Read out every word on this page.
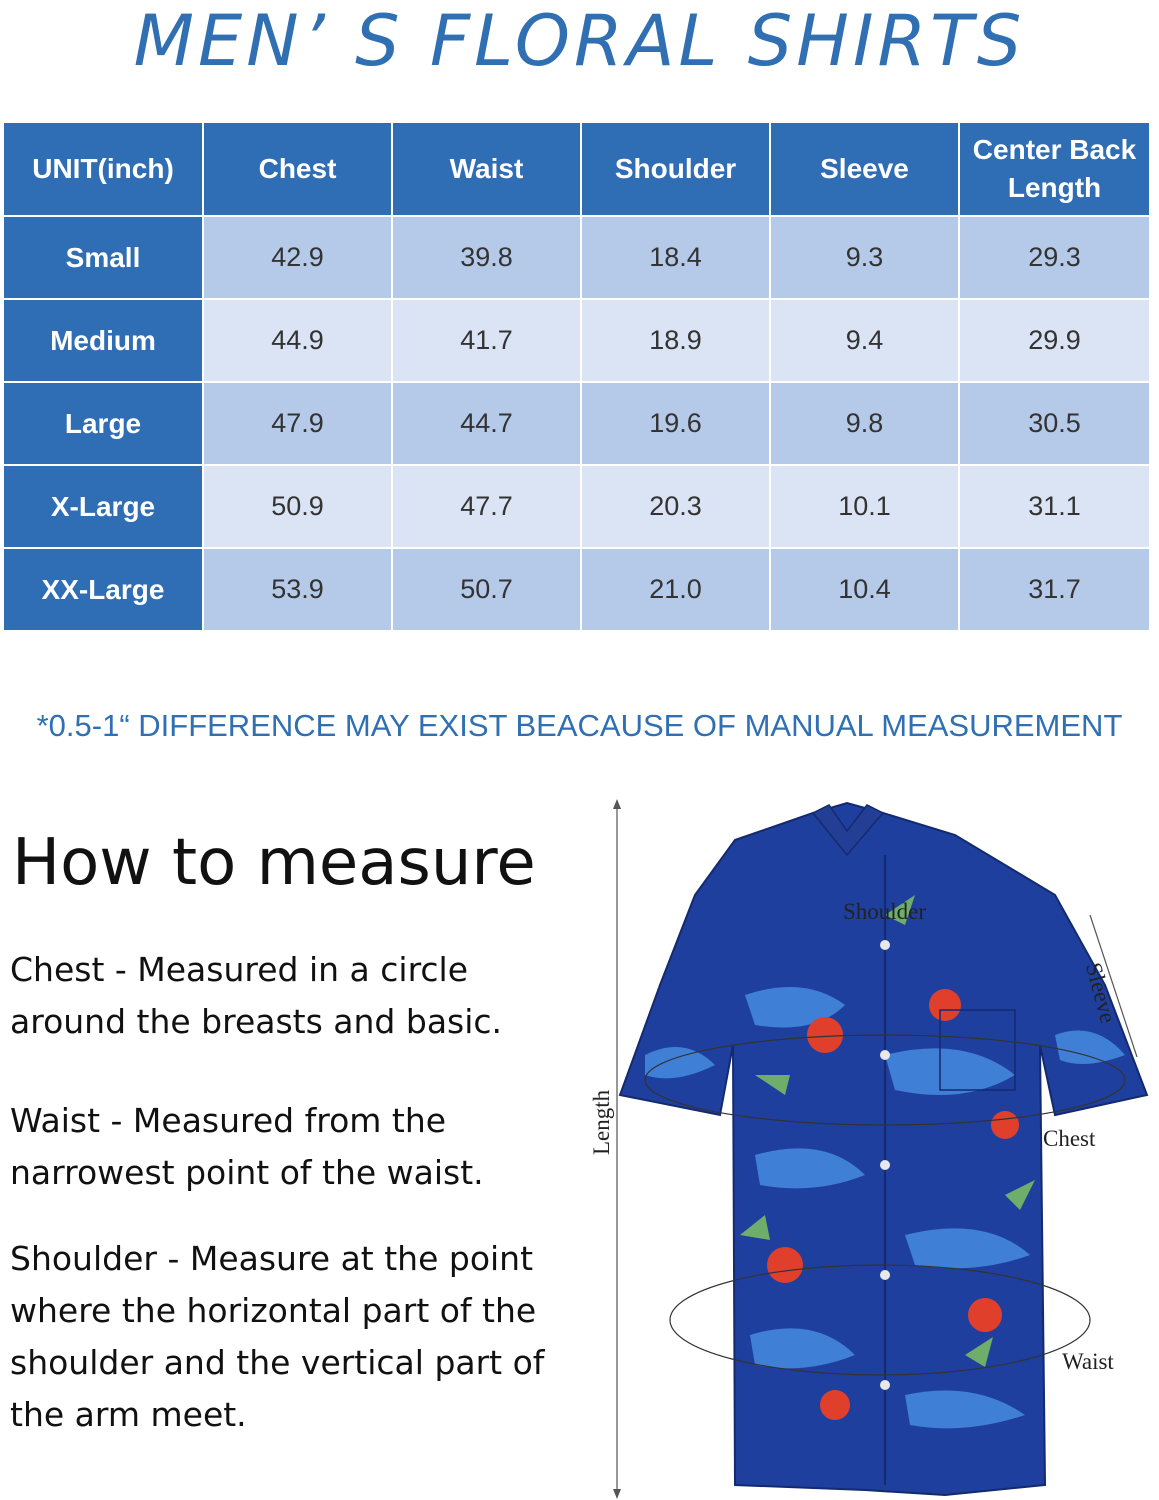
MEN’ S FLORAL SHIRTS
UNIT(inch)	Chest	Waist	Shoulder	Sleeve	Center Back Length
Small	42.9	39.8	18.4	9.3	29.3
Medium	44.9	41.7	18.9	9.4	29.9
Large	47.9	44.7	19.6	9.8	30.5
X-Large	50.9	47.7	20.3	10.1	31.1
XX-Large	53.9	50.7	21.0	10.4	31.7
*0.5-1“ DIFFERENCE MAY EXIST BEACAUSE OF MANUAL MEASUREMENT
How to measure
Chest - Measured in a circle around the breasts and basic.
Waist - Measured from the narrowest point of the waist.
Shoulder - Measure at the point where the horizontal part of the shoulder and the vertical part of the arm meet.
Length
Shoulder
Sleeve
Chest
Waist
